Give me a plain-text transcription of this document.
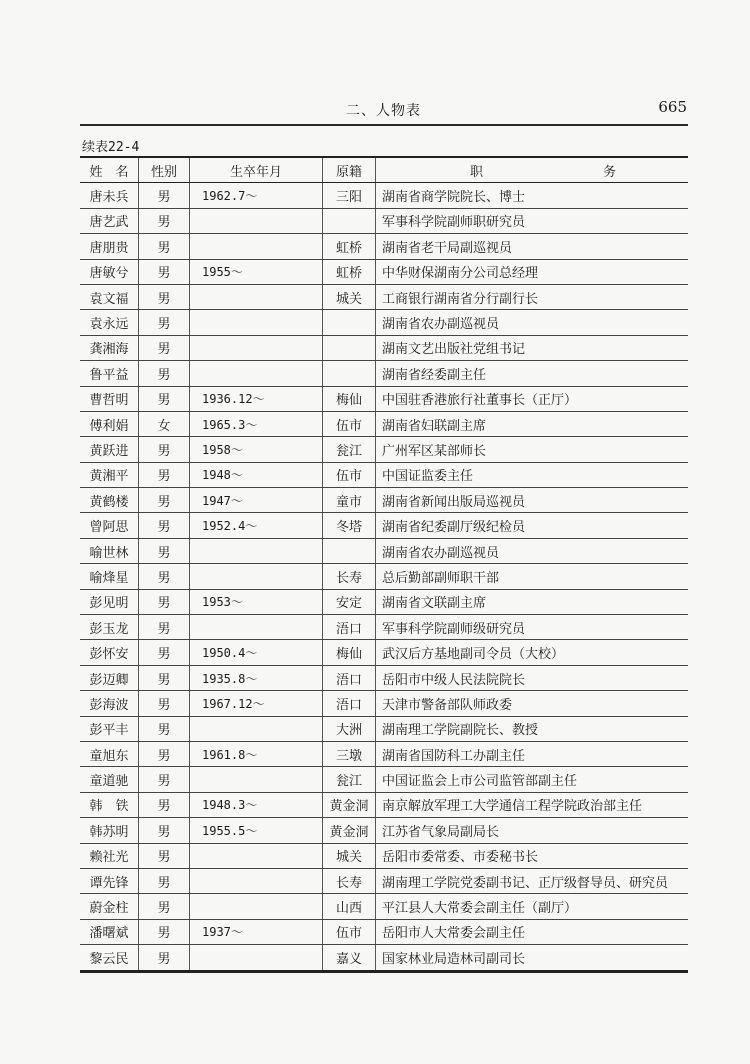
二、人物表	665
续表22-4
姓　名	性别	生卒年月	原籍	职 务
唐未兵	男	1962.7～	三阳	湖南省商学院院长、博士
唐艺武	男			军事科学院副师职研究员
唐朋贵	男		虹桥	湖南省老干局副巡视员
唐敏兮	男	1955～	虹桥	中华财保湖南分公司总经理
袁文福	男		城关	工商银行湖南省分行副行长
袁永远	男			湖南省农办副巡视员
龚湘海	男			湖南文艺出版社党组书记
鲁平益	男			湖南省经委副主任
曹哲明	男	1936.12～	梅仙	中国驻香港旅行社董事长（正厅）
傅利娟	女	1965.3～	伍市	湖南省妇联副主席
黄跃进	男	1958～	瓮江	广州军区某部师长
黄湘平	男	1948～	伍市	中国证监委主任
黄鹤楼	男	1947～	童市	湖南省新闻出版局巡视员
曾阿思	男	1952.4～	冬塔	湖南省纪委副厅级纪检员
喻世林	男			湖南省农办副巡视员
喻烽星	男		长寿	总后勤部副师职干部
彭见明	男	1953～	安定	湖南省文联副主席
彭玉龙	男		浯口	军事科学院副师级研究员
彭怀安	男	1950.4～	梅仙	武汉后方基地副司令员（大校）
彭迈卿	男	1935.8～	浯口	岳阳市中级人民法院院长
彭海波	男	1967.12～	浯口	天津市警备部队师政委
彭平丰	男		大洲	湖南理工学院副院长、教授
童旭东	男	1961.8～	三墩	湖南省国防科工办副主任
童道驰	男		瓮江	中国证监会上市公司监管部副主任
韩　铁	男	1948.3～	黄金洞	南京解放军理工大学通信工程学院政治部主任
韩苏明	男	1955.5～	黄金洞	江苏省气象局副局长
赖社光	男		城关	岳阳市委常委、市委秘书长
谭先锋	男		长寿	湖南理工学院党委副书记、正厅级督导员、研究员
蔚金柱	男		山西	平江县人大常委会副主任（副厅）
潘曙斌	男	1937～	伍市	岳阳市人大常委会副主任
黎云民	男		嘉义	国家林业局造林司副司长
